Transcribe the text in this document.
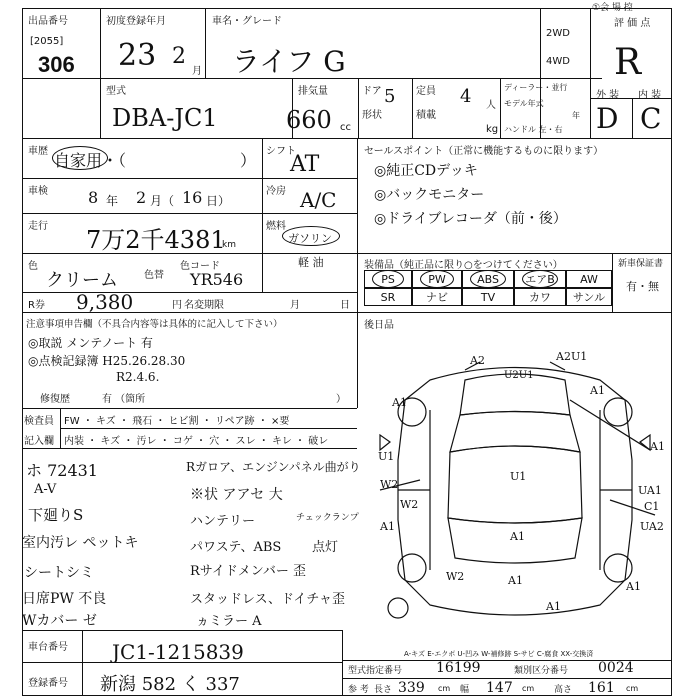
出品番号
[2055]
306
初度登録年月
23 2
月
車名・グレード
ライフ G
2WD
4WD
①会 場 控
評 価 点
R
外 装 内 装
D C
型式
DBA-JC1
排気量
660 cc
ドア 5
形状
定員 4 人
積載
kg
ディーラー・並行
モデル年式
年
ハンドル 左・右
車歴 自家用・（	） シフト
AT
車検	8 年 2 月（ 16 日）
冷房 A/C
走行 7万2千4381
km
燃料
ガソリン
軽 油
色
クリーム	色替
色コード
YR546
R券 9,380	円 名変期限	月	日
セールスポイント（正常に機能するものに限ります）
◎純正CDデッキ
◎バックモニター
◎ドライブレコーダ（前・後）
装備品（純正品に限り○をつけてください）	新車保証書
有・無
PS	PW	ABS エアB AW
SR	ナビ	TV	カワ サンル
後日品
注意事項申告欄（不具合内容等は具体的に記入して下さい）
◎取説 メンテノート 有
◎点検記録簿 H25.26.28.30
R2.4.6.
修復歴	有 （箇所	）
検査員
記入欄
FW ・ キズ ・ 飛石 ・ ヒビ割 ・ リペア跡 ・ ×要
内装 ・ キズ ・ 汚レ ・ コゲ ・ 穴 ・ スレ ・ キレ ・ 破レ
ホ 72431
A-V
下廻りS
室内汚レ ペットキ
シートシミ
日席PW 不良
Wカバー ゼ
Rガロア、エンジンパネル曲がり
※状 アアセ 大
ハンテリー
パワステ、ABS
Rサイドメンバー 歪
スタッドレス、ドイチャ歪
ヵミラー A
チェックランプ
点灯
A2	A2U1
U2U1
A1
A1
A1
U1
W2
U1
W2
A1
A1
UA1
C1
UA2
A1
A1
W2
A1
車台番号 JC1-1215839
登録番号 新潟 582 く 337
A-キズ E-エクボ U-凹み W-補修跡 S-サビ C-腐食 XX-交換済
型式指定番号 16199	類別区分番号 0024
参 考 長さ 339 cm 幅 147 cm 高さ 161 cm
